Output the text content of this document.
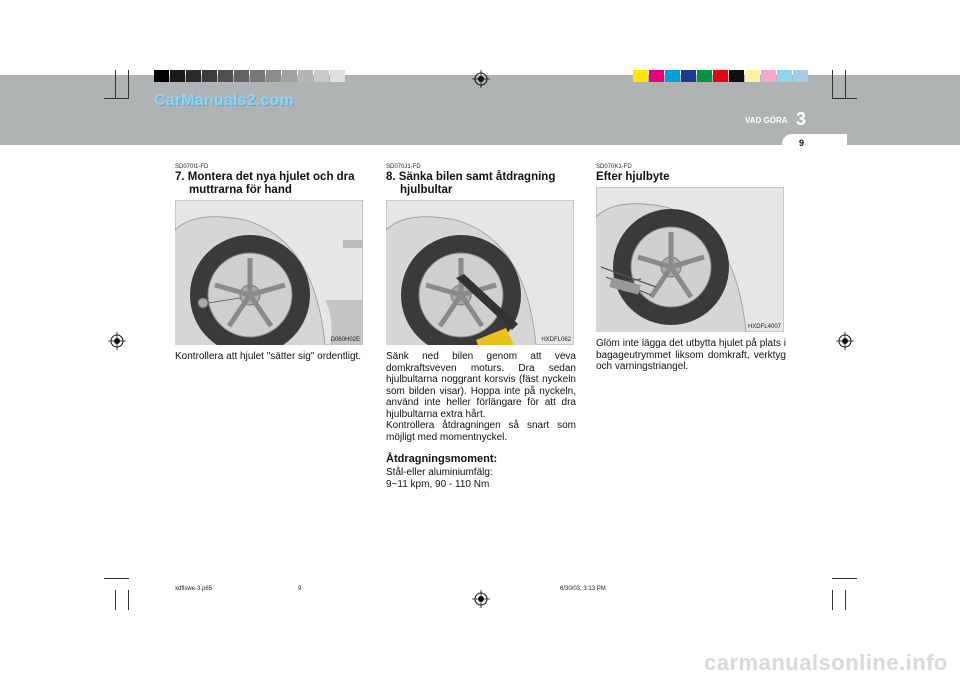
CarManuals2.com
VAD GÖRA 3
9
SD070I1-FD
7. Montera det nya hjulet och dra
muttrarna för hand
D060H02E
Kontrollera att hjulet "sätter sig" ordentligt.
SD070J1-FD
8. Sänka bilen samt åtdragning
hjulbultar
HXDFL062

Sänk ned bilen genom att veva domkraftsveven moturs. Dra sedan hjulbultarna noggrant korsvis (fäst nyckeln som bilden visar). Hoppa inte på nyckeln, använd inte heller förlängare för att dra hjulbultarna extra hårt.

Kontrollera åtdragningen så snart som möjligt med momentnyckel.

Åtdragningsmoment:

Stål-eller aluminiumfälg:

9~11 kpm, 90 - 110 Nm

SD070K1-FD
Efter hjulbyte
HXDFL4007
Glöm inte lägga det utbytta hjulet på plats i bagageutrymmet liksom domkraft, verktyg och varningstriangel.
xdflswe-3.p65	9	6/30/03, 3:13 PM
carmanualsonline.info
